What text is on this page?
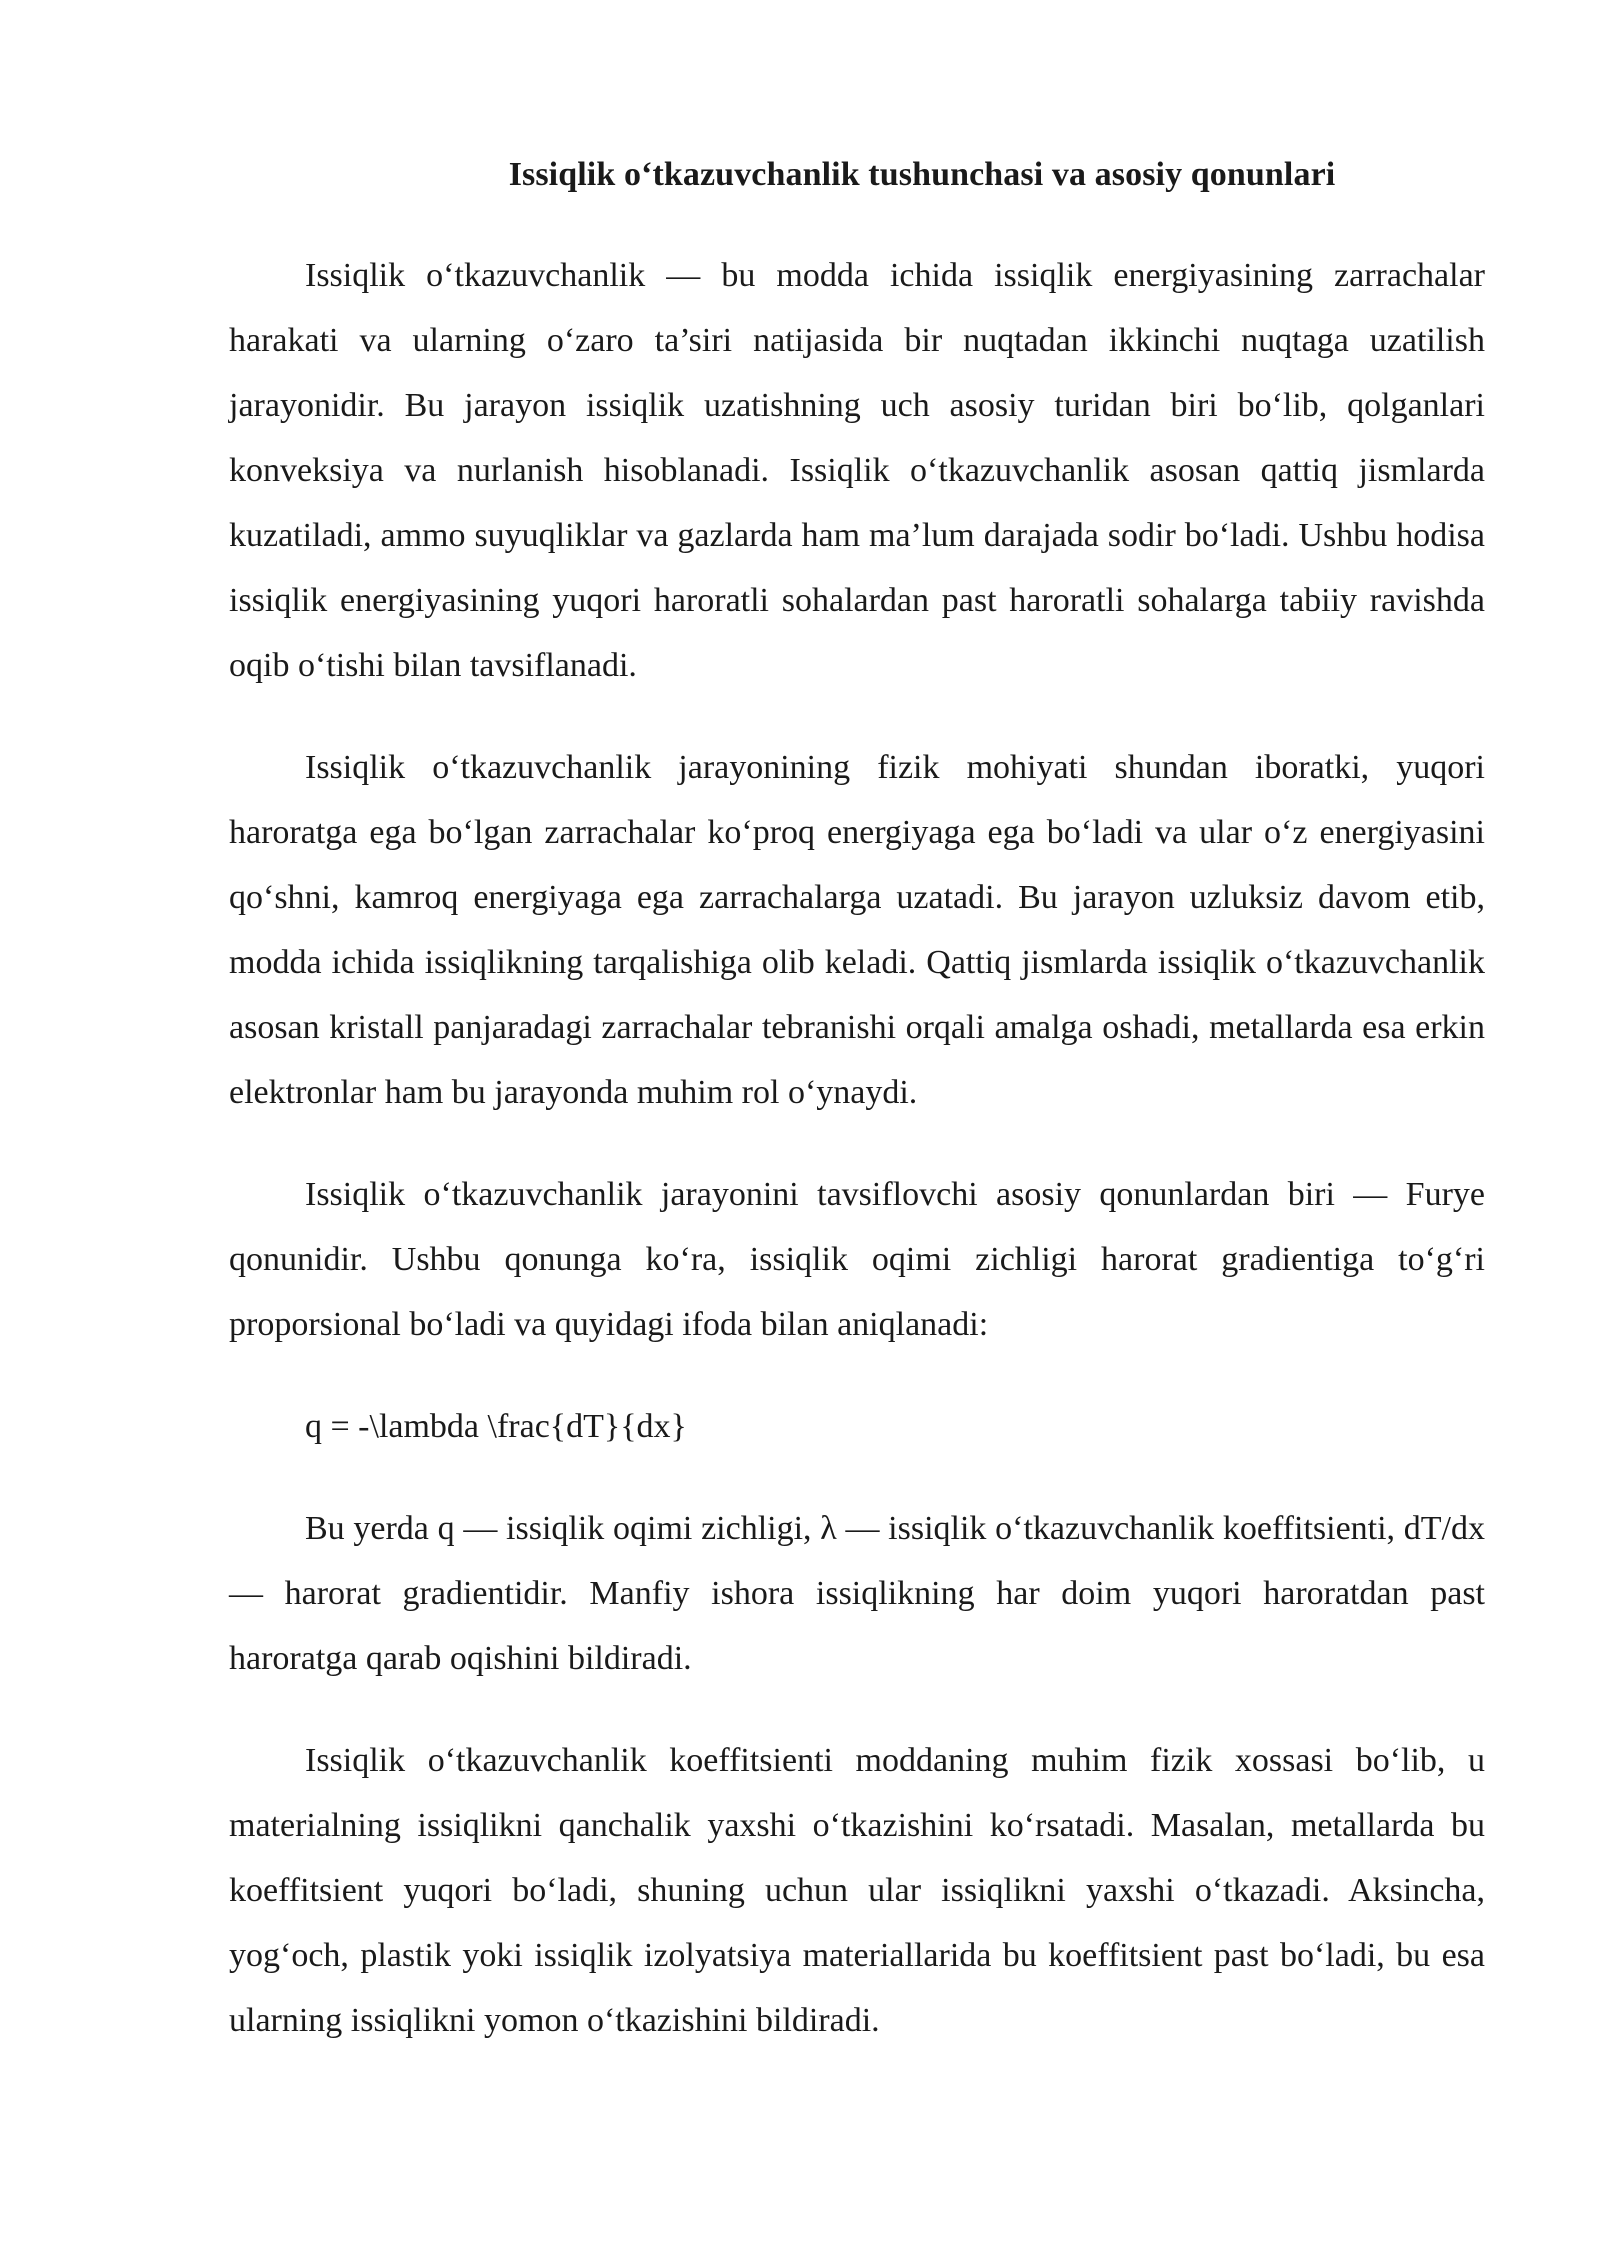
Issiqlik o‘tkazuvchanlik tushunchasi va asosiy qonunlari

Issiqlik o‘tkazuvchanlik — bu modda ichida issiqlik energiyasining zarrachalar harakati va ularning o‘zaro ta’siri natijasida bir nuqtadan ikkinchi nuqtaga uzatilish jarayonidir. Bu jarayon issiqlik uzatishning uch asosiy turidan biri bo‘lib, qolganlari konveksiya va nurlanish hisoblanadi. Issiqlik o‘tkazuvchanlik asosan qattiq jismlarda kuzatiladi, ammo suyuqliklar va gazlarda ham ma’lum darajada sodir bo‘ladi. Ushbu hodisa issiqlik energiyasining yuqori haroratli sohalardan past haroratli sohalarga tabiiy ravishda oqib o‘tishi bilan tavsiflanadi.

Issiqlik o‘tkazuvchanlik jarayonining fizik mohiyati shundan iboratki, yuqori haroratga ega bo‘lgan zarrachalar ko‘proq energiyaga ega bo‘ladi va ular o‘z energiyasini qo‘shni, kamroq energiyaga ega zarrachalarga uzatadi. Bu jarayon uzluksiz davom etib, modda ichida issiqlikning tarqalishiga olib keladi. Qattiq jismlarda issiqlik o‘tkazuvchanlik asosan kristall panjaradagi zarrachalar tebranishi orqali amalga oshadi, metallarda esa erkin elektronlar ham bu jarayonda muhim rol o‘ynaydi.

Issiqlik o‘tkazuvchanlik jarayonini tavsiflovchi asosiy qonunlardan biri — Furye qonunidir. Ushbu qonunga ko‘ra, issiqlik oqimi zichligi harorat gradientiga to‘g‘ri proporsional bo‘ladi va quyidagi ifoda bilan aniqlanadi:

q = -\lambda \frac{dT}{dx}

Bu yerda q — issiqlik oqimi zichligi, λ — issiqlik o‘tkazuvchanlik koeffitsienti, dT/dx — harorat gradientidir. Manfiy ishora issiqlikning har doim yuqori haroratdan past haroratga qarab oqishini bildiradi.

Issiqlik o‘tkazuvchanlik koeffitsienti moddaning muhim fizik xossasi bo‘lib, u materialning issiqlikni qanchalik yaxshi o‘tkazishini ko‘rsatadi. Masalan, metallarda bu koeffitsient yuqori bo‘ladi, shuning uchun ular issiqlikni yaxshi o‘tkazadi. Aksincha, yog‘och, plastik yoki issiqlik izolyatsiya materiallarida bu koeffitsient past bo‘ladi, bu esa ularning issiqlikni yomon o‘tkazishini bildiradi.
